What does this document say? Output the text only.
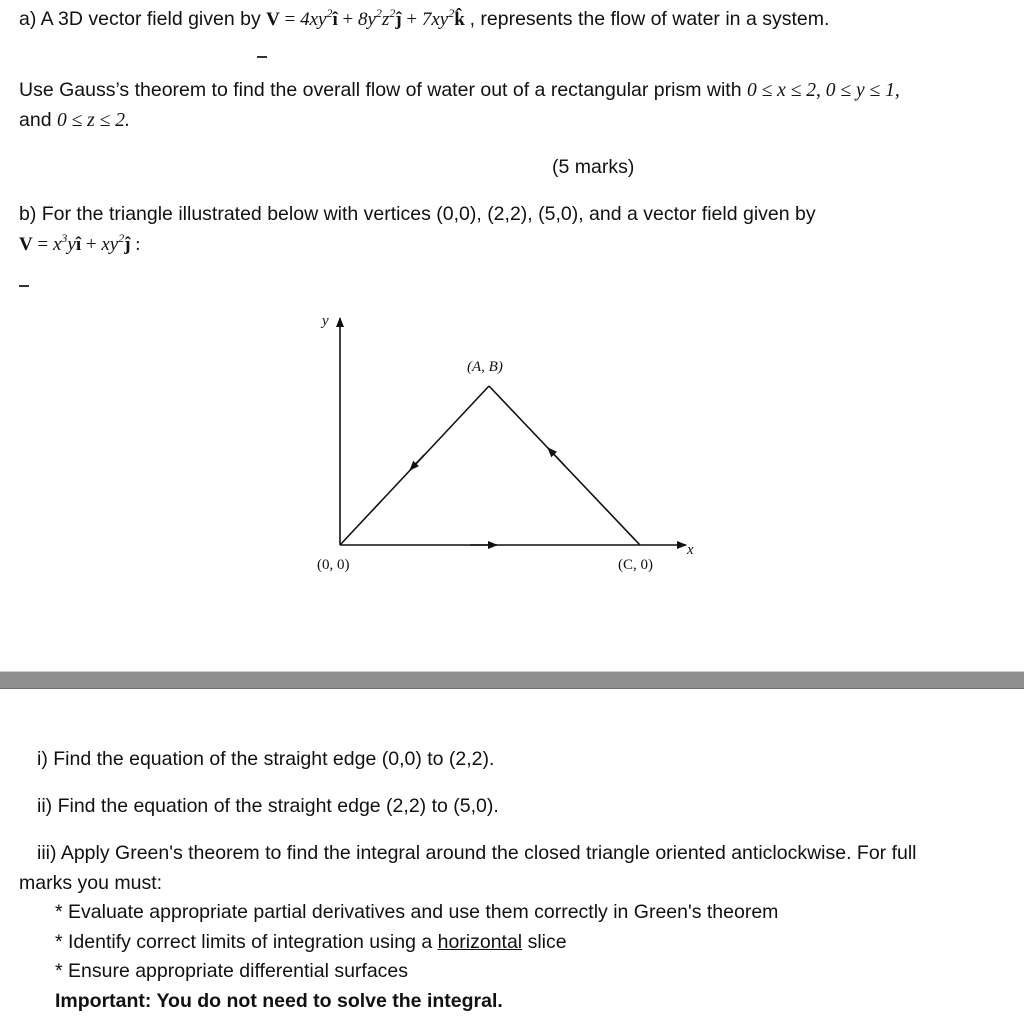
a) A 3D vector field given by $V = 4xy^2î$ + $8y^2z^2ĵ$ + $7xy^2k̂$ , represents the flow of water in a system.
Use Gauss’s theorem to find the overall flow of water out of a rectangular prism with 0 ≤ x ≤ 2, 0 ≤ y ≤ 1,
and 0 ≤ z ≤ 2.
(5 marks)
b) For the triangle illustrated below with vertices (0,0), (2,2), (5,0), and a vector field given by
$V = x^3yî$ + $xy^2ĵ$ :
y
x
(A, B)
(0, 0)	(C, 0)
i) Find the equation of the straight edge (0,0) to (2,2).
ii) Find the equation of the straight edge (2,2) to (5,0).
iii) Apply Green's theorem to find the integral around the closed triangle oriented anticlockwise. For full
marks you must:
* Evaluate appropriate partial derivatives and use them correctly in Green's theorem
* Identify correct limits of integration using a horizontal slice
* Ensure appropriate differential surfaces
Important: You do not need to solve the integral.
